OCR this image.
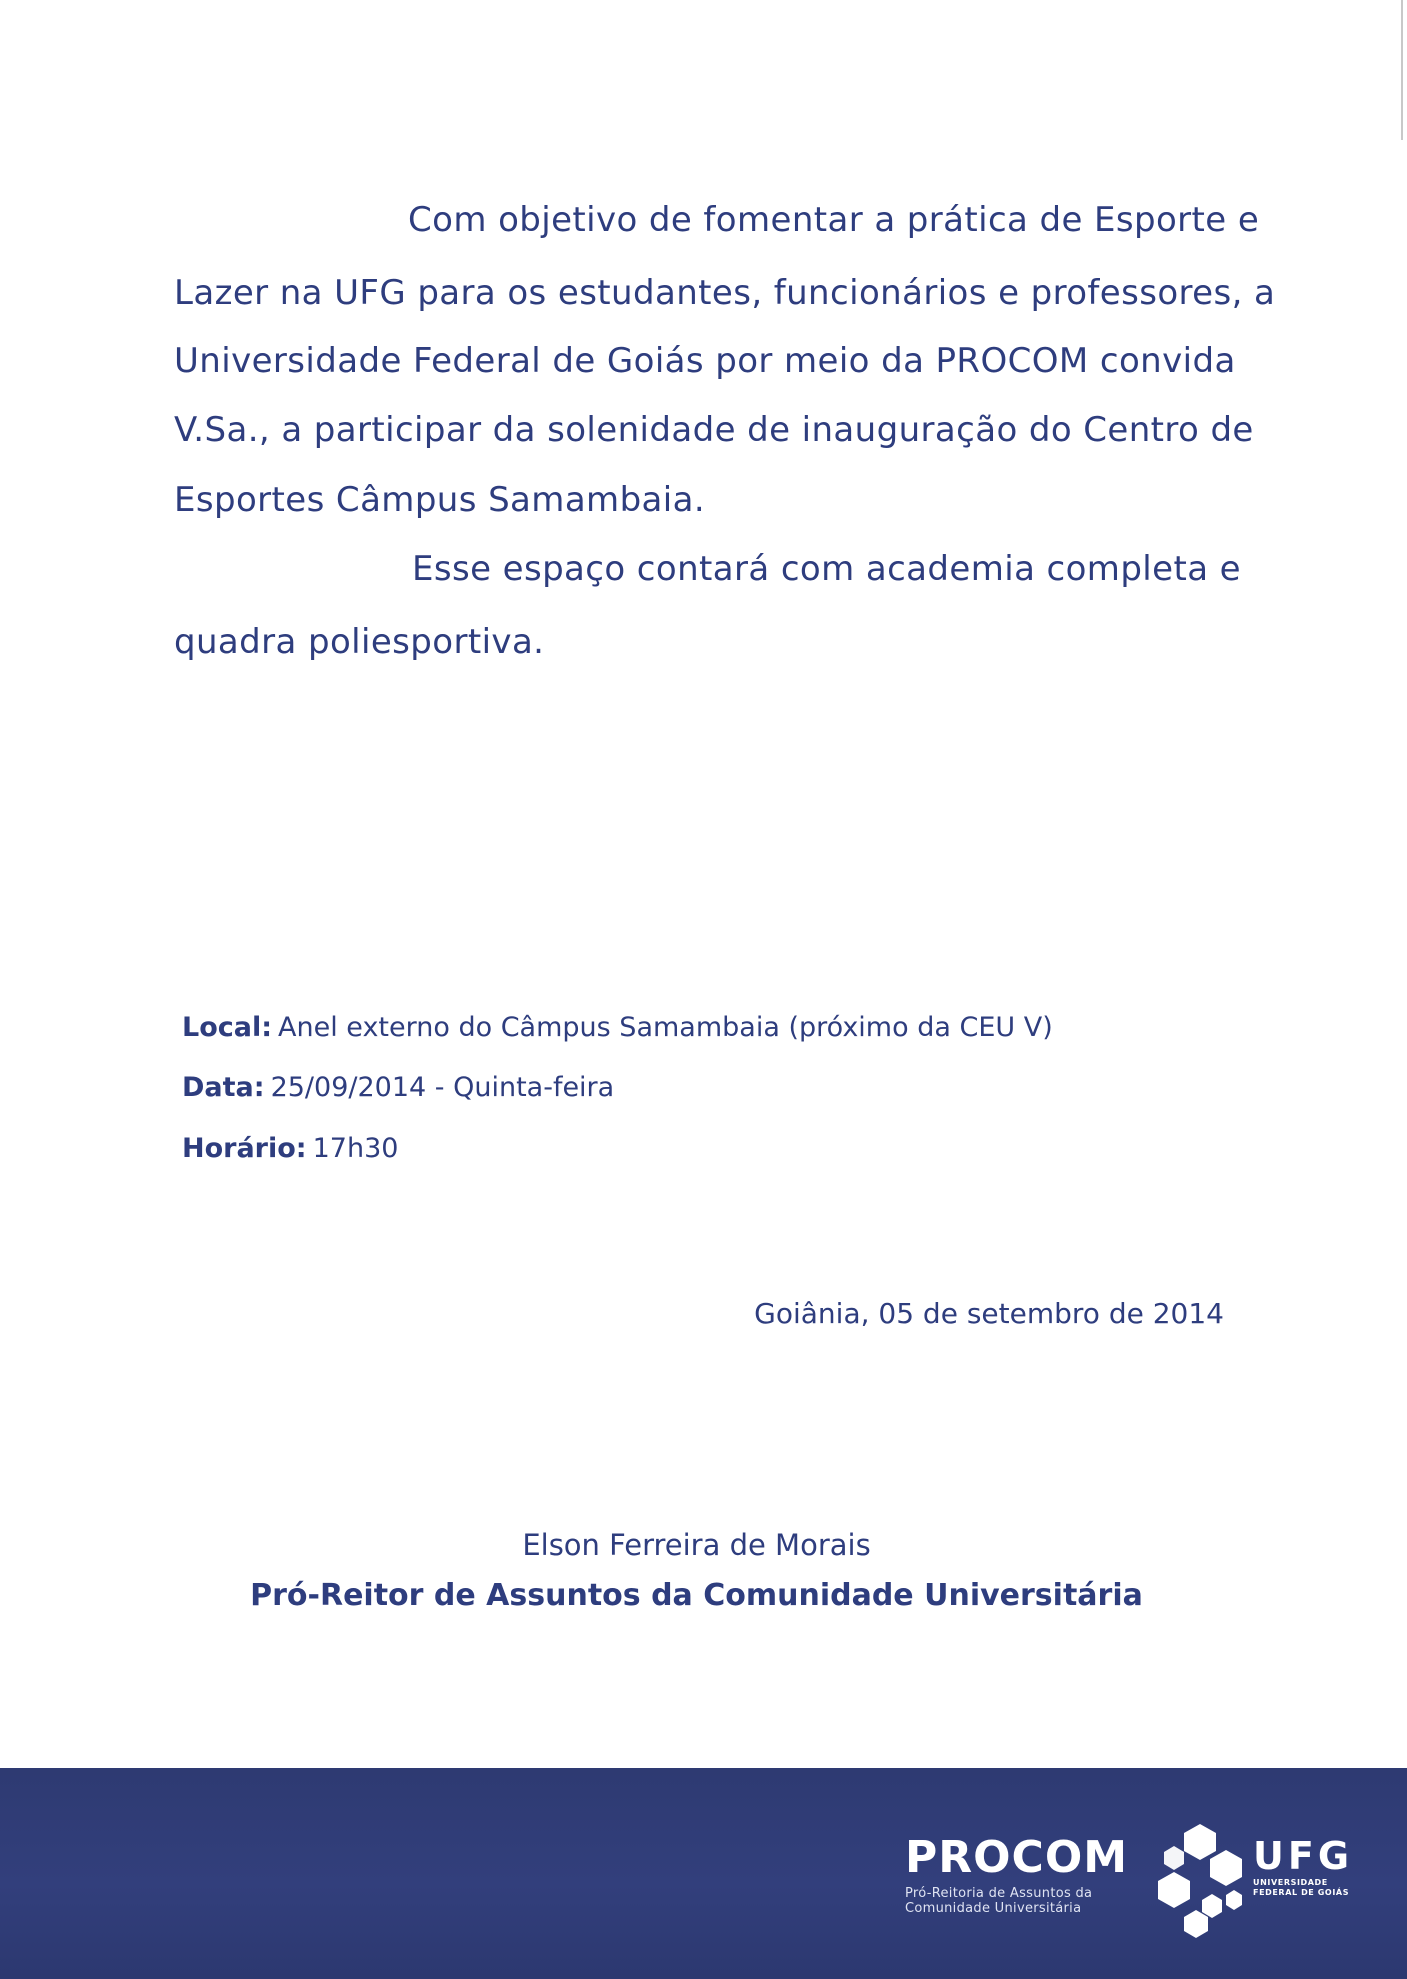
Com objetivo de fomentar a prática de Esporte e
Lazer na UFG para os estudantes, funcionários e professores, a
Universidade Federal de Goiás por meio da PROCOM convida
V.Sa., a participar da solenidade de inauguração do Centro de
Esportes Câmpus Samambaia.
Esse espaço contará com academia completa e
quadra poliesportiva.
Local: Anel externo do Câmpus Samambaia (próximo da CEU V)
Data: 25/09/2014 - Quinta-feira
Horário: 17h30
Goiânia, 05 de setembro de 2014
Elson Ferreira de Morais
Pró-Reitor de Assuntos da Comunidade Universitária
PROCOM
Pró-Reitoria de Assuntos da
Comunidade Universitária
UFG
UNIVERSIDADE
FEDERAL DE GOIÁS
